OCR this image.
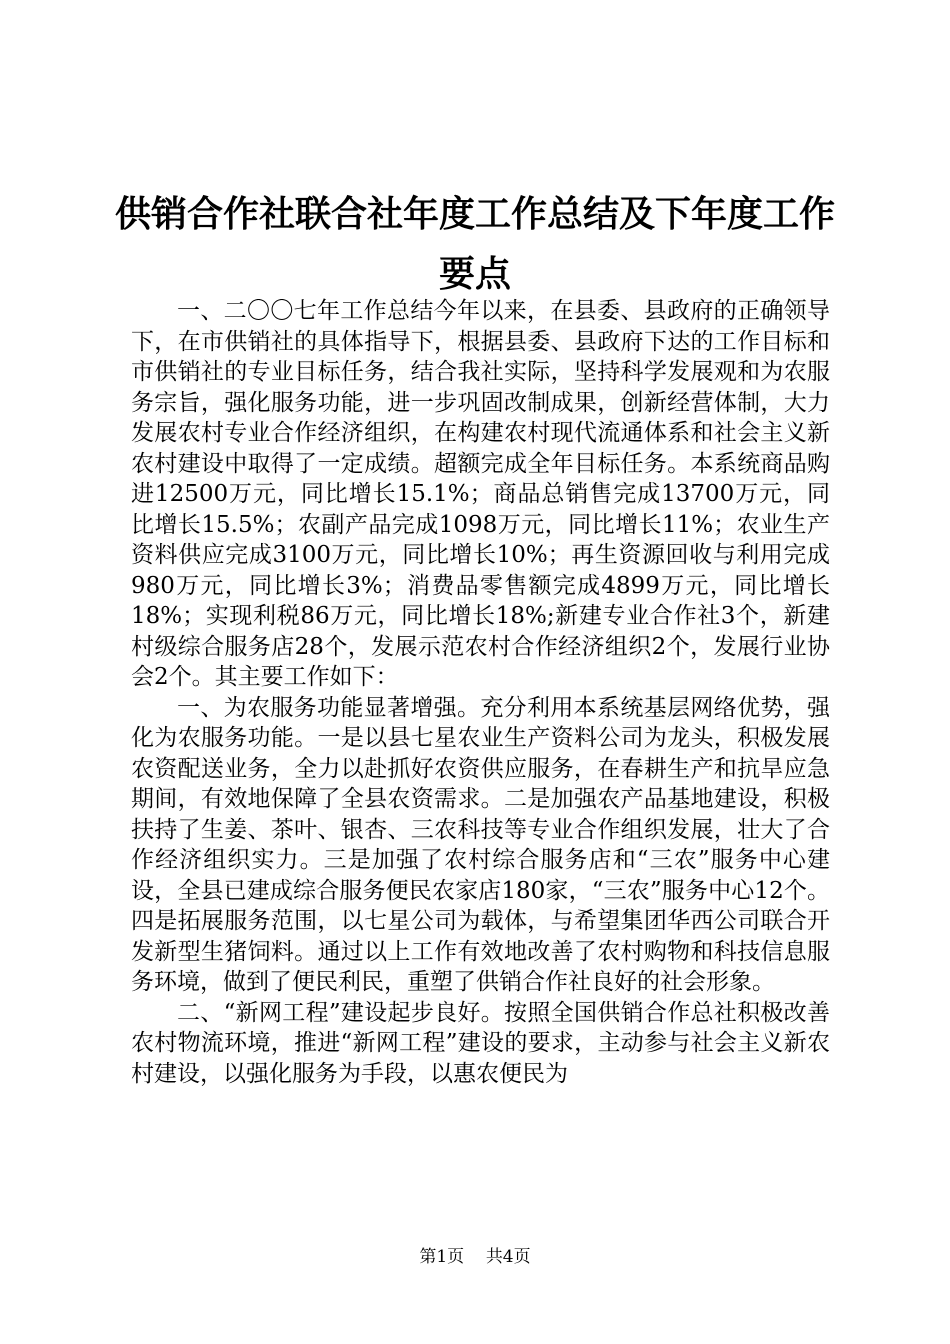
供销合作社联合社年度工作总结及下年度工作
要点

一、二〇〇七年工作总结今年以来，在县委、县政府的正确领导下，在市供销社的具体指导下，根据县委、县政府下达的工作目标和市供销社的专业目标任务，结合我社实际，坚持科学发展观和为农服务宗旨，强化服务功能，进一步巩固改制成果，创新经营体制，大力发展农村专业合作经济组织，在构建农村现代流通体系和社会主义新农村建设中取得了一定成绩。超额完成全年目标任务。本系统商品购进12500万元，同比增长15.1%；商品总销售完成13700万元，同比增长15.5%；农副产品完成1098万元，同比增长11%；农业生产资料供应完成3100万元，同比增长10%；再生资源回收与利用完成980万元，同比增长3%；消费品零售额完成4899万元，同比增长18%；实现利税86万元，同比增长18%;新建专业合作社3个，新建村级综合服务店28个，发展示范农村合作经济组织2个，发展行业协会2个。其主要工作如下：

一、为农服务功能显著增强。充分利用本系统基层网络优势，强化为农服务功能。一是以县七星农业生产资料公司为龙头，积极发展农资配送业务，全力以赴抓好农资供应服务，在春耕生产和抗旱应急期间，有效地保障了全县农资需求。二是加强农产品基地建设，积极扶持了生姜、茶叶、银杏、三农科技等专业合作组织发展，壮大了合作经济组织实力。三是加强了农村综合服务店和“三农”服务中心建设，全县已建成综合服务便民农家店180家，“三农”服务中心12个。四是拓展服务范围，以七星公司为载体，与希望集团华西公司联合开发新型生猪饲料。通过以上工作有效地改善了农村购物和科技信息服务环境，做到了便民利民，重塑了供销合作社良好的社会形象。

二、“新网工程”建设起步良好。按照全国供销合作总社积极改善农村物流环境，推进“新网工程”建设的要求，主动参与社会主义新农村建设，以强化服务为手段，以惠农便民为

第1页 共4页
